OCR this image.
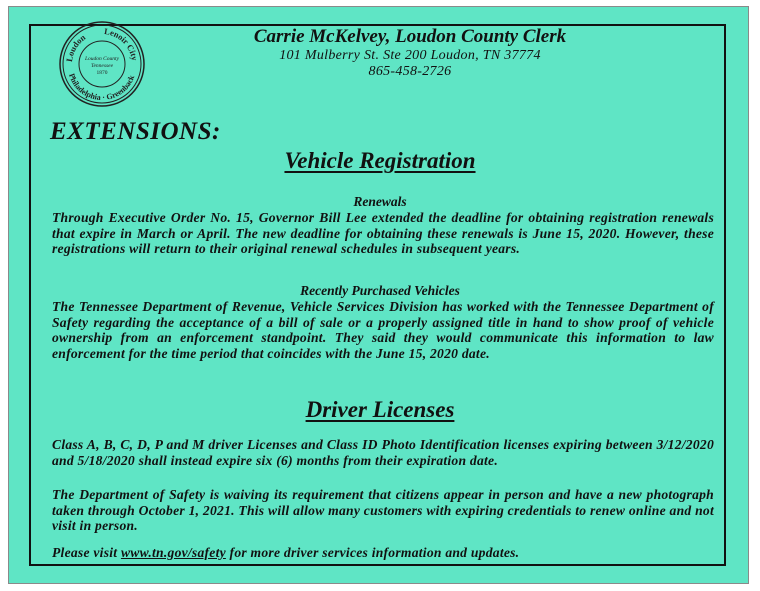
Loudon
Lenoir City
Philadelphia · Greenback
Loudon County
Tennessee
1870
Carrie McKelvey, Loudon County Clerk
101 Mulberry St. Ste 200 Loudon, TN 37774
865-458-2726
EXTENSIONS:
Vehicle Registration
Renewals
Through Executive Order No. 15, Governor Bill Lee extended the deadline for obtaining registration renewals that expire in March or April. The new deadline for obtaining these renewals is June 15, 2020. However, these registrations will return to their original renewal schedules in subsequent years.
Recently Purchased Vehicles
The Tennessee Department of Revenue, Vehicle Services Division has worked with the Tennessee Department of Safety regarding the acceptance of a bill of sale or a properly assigned title in hand to show proof of vehicle ownership from an enforcement standpoint. They said they would communicate this information to law enforcement for the time period that coincides with the June 15, 2020 date.
Driver Licenses
Class A, B, C, D, P and M driver Licenses and Class ID Photo Identification licenses expiring between 3/12/2020 and 5/18/2020 shall instead expire six (6) months from their expiration date.
The Department of Safety is waiving its requirement that citizens appear in person and have a new photograph taken through October 1, 2021. This will allow many customers with expiring credentials to renew online and not visit in person.
Please visit www.tn.gov/safety for more driver services information and updates.
